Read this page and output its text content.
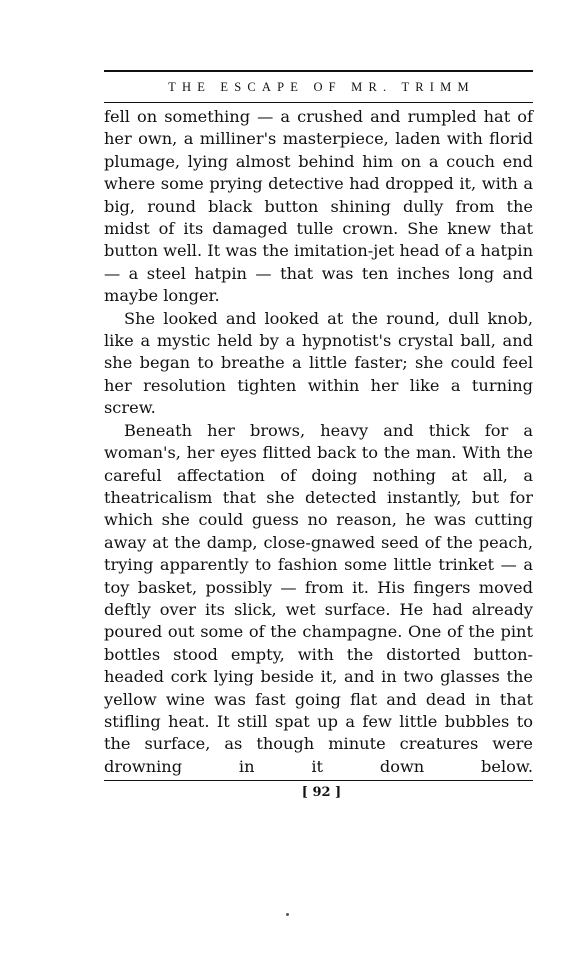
THE ESCAPE OF MR. TRIMM

fell on something — a crushed and rumpled hat of her own, a milliner's masterpiece, laden with florid plumage, lying almost behind him on a couch end where some prying detective had dropped it, with a big, round black button shining dully from the midst of its damaged tulle crown. She knew that button well. It was the imitation-jet head of a hatpin — a steel hatpin — that was ten inches long and maybe longer.

She looked and looked at the round, dull knob, like a mystic held by a hypnotist's crystal ball, and she began to breathe a little faster; she could feel her resolution tighten within her like a turning screw.

Beneath her brows, heavy and thick for a woman's, her eyes flitted back to the man. With the careful affectation of doing nothing at all, a theatricalism that she detected instantly, but for which she could guess no reason, he was cutting away at the damp, close-gnawed seed of the peach, trying apparently to fashion some little trinket — a toy basket, possibly — from it. His fingers moved deftly over its slick, wet surface. He had already poured out some of the champagne. One of the pint bottles stood empty, with the distorted button-headed cork lying beside it, and in two glasses the yellow wine was fast going flat and dead in that stifling heat. It still spat up a few little bubbles to the surface, as though minute creatures were drowning in it down below.

[ 92 ]
